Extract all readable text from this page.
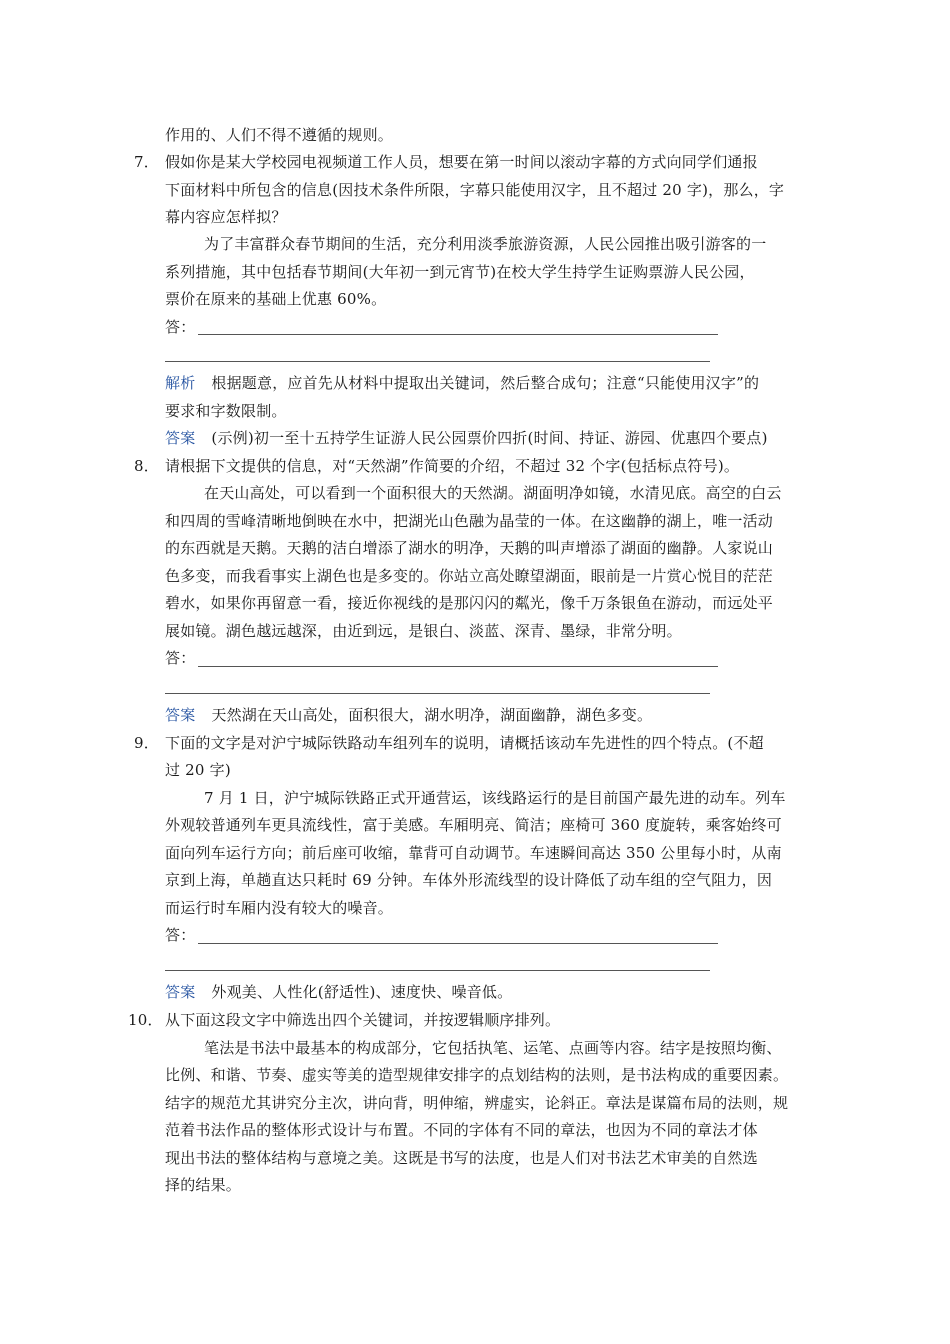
作用的、人们不得不遵循的规则。
7． 假如你是某大学校园电视频道工作人员，想要在第一时间以滚动字幕的方式向同学们通报
下面材料中所包含的信息(因技术条件所限，字幕只能使用汉字，且不超过 20 字)，那么，字
幕内容应怎样拟？
为了丰富群众春节期间的生活，充分利用淡季旅游资源，人民公园推出吸引游客的一
系列措施，其中包括春节期间(大年初一到元宵节)在校大学生持学生证购票游人民公园，
票价在原来的基础上优惠 60%。
答：
解析 根据题意，应首先从材料中提取出关键词，然后整合成句；注意“只能使用汉字”的
要求和字数限制。
答案 (示例)初一至十五持学生证游人民公园票价四折(时间、持证、游园、优惠四个要点)
8． 请根据下文提供的信息，对“天然湖”作简要的介绍，不超过 32 个字(包括标点符号)。
在天山高处，可以看到一个面积很大的天然湖。湖面明净如镜，水清见底。高空的白云
和四周的雪峰清晰地倒映在水中，把湖光山色融为晶莹的一体。在这幽静的湖上，唯一活动
的东西就是天鹅。天鹅的洁白增添了湖水的明净，天鹅的叫声增添了湖面的幽静。人家说山
色多变，而我看事实上湖色也是多变的。你站立高处瞭望湖面，眼前是一片赏心悦目的茫茫
碧水，如果你再留意一看，接近你视线的是那闪闪的粼光，像千万条银鱼在游动，而远处平
展如镜。湖色越远越深，由近到远，是银白、淡蓝、深青、墨绿，非常分明。
答：
答案 天然湖在天山高处，面积很大，湖水明净，湖面幽静，湖色多变。
9． 下面的文字是对沪宁城际铁路动车组列车的说明，请概括该动车先进性的四个特点。(不超
过 20 字)
7 月 1 日，沪宁城际铁路正式开通营运，该线路运行的是目前国产最先进的动车。列车
外观较普通列车更具流线性，富于美感。车厢明亮、简洁；座椅可 360 度旋转，乘客始终可
面向列车运行方向；前后座可收缩，靠背可自动调节。车速瞬间高达 350 公里每小时，从南
京到上海，单趟直达只耗时 69 分钟。车体外形流线型的设计降低了动车组的空气阻力，因
而运行时车厢内没有较大的噪音。
答：
答案 外观美、人性化(舒适性)、速度快、噪音低。
10． 从下面这段文字中筛选出四个关键词，并按逻辑顺序排列。
笔法是书法中最基本的构成部分，它包括执笔、运笔、点画等内容。结字是按照均衡、
比例、和谐、节奏、虚实等美的造型规律安排字的点划结构的法则，是书法构成的重要因素。
结字的规范尤其讲究分主次，讲向背，明伸缩，辨虚实，论斜正。章法是谋篇布局的法则，规
范着书法作品的整体形式设计与布置。不同的字体有不同的章法，也因为不同的章法才体
现出书法的整体结构与意境之美。这既是书写的法度，也是人们对书法艺术审美的自然选
择的结果。
